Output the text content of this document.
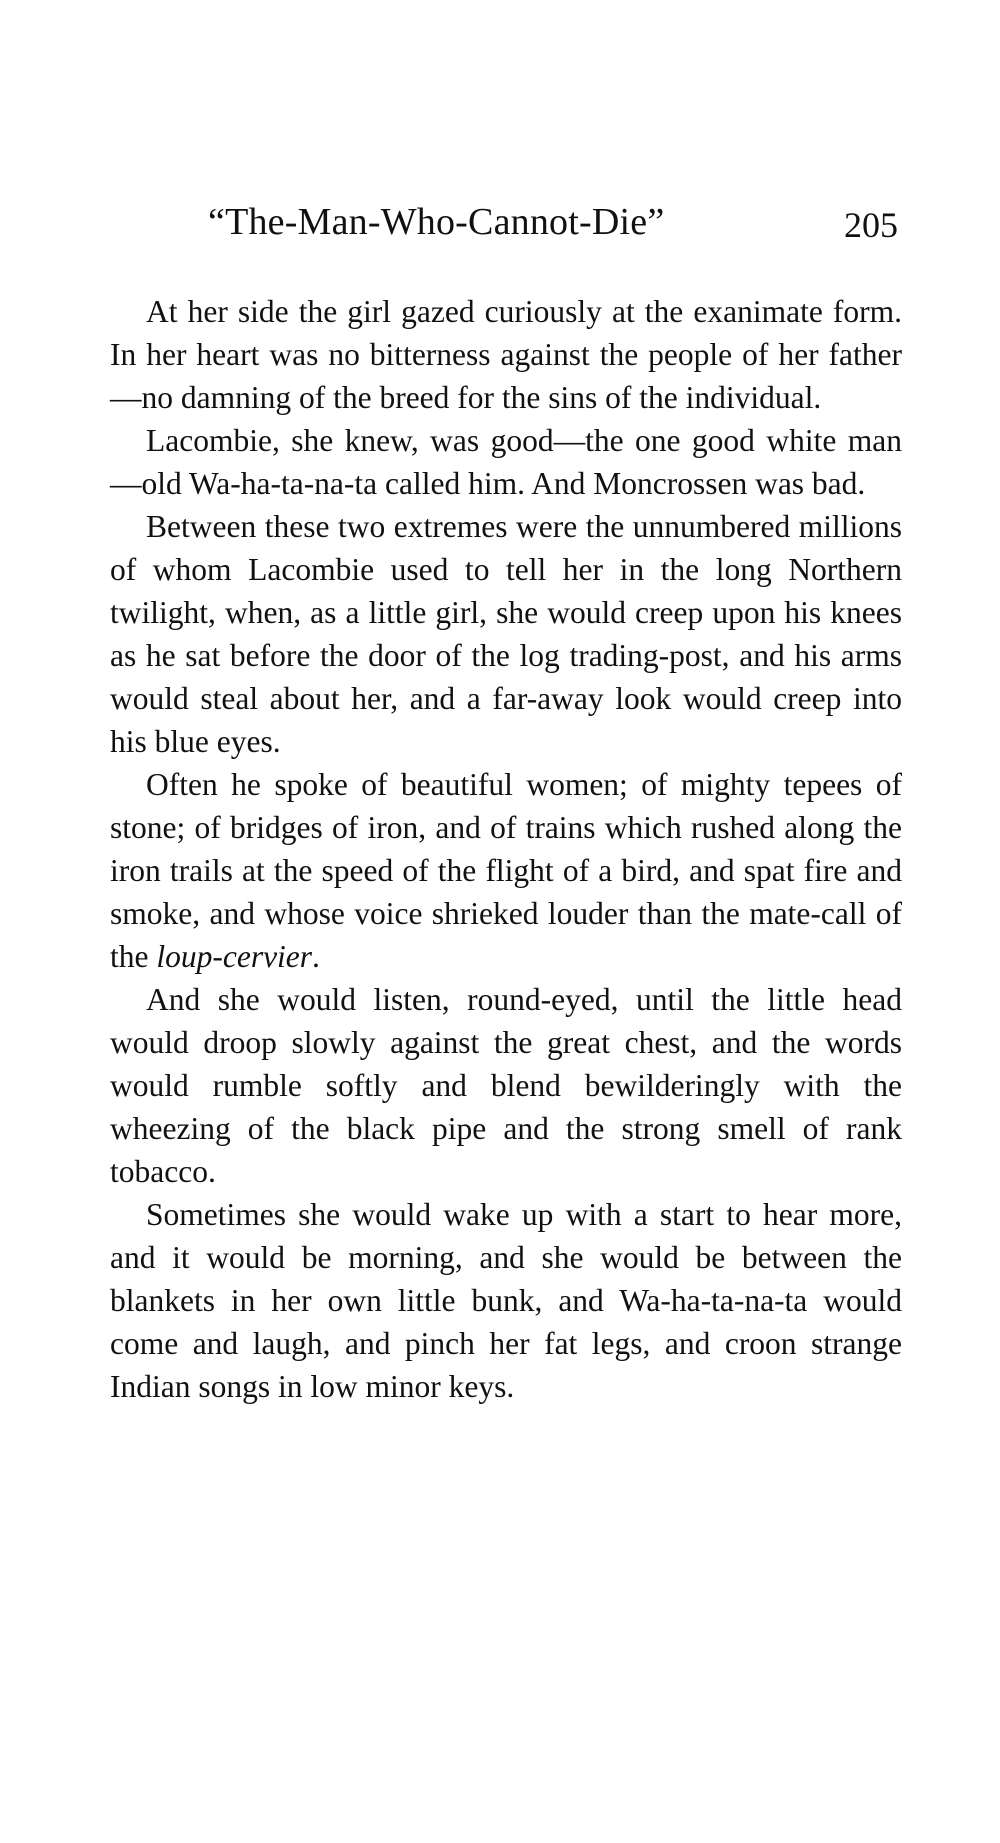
“The-Man-Who-Cannot-Die”	205

At her side the girl gazed curiously at the exanimate form. In her heart was no bitterness against the people of her father—no damning of the breed for the sins of the individual.

Lacombie, she knew, was good—the one good white man—old Wa-ha-ta-na-ta called him. And Moncrossen was bad.

Between these two extremes were the unnumbered millions of whom Lacombie used to tell her in the long Northern twilight, when, as a little girl, she would creep upon his knees as he sat before the door of the log trading-post, and his arms would steal about her, and a far-away look would creep into his blue eyes.

Often he spoke of beautiful women; of mighty tepees of stone; of bridges of iron, and of trains which rushed along the iron trails at the speed of the flight of a bird, and spat fire and smoke, and whose voice shrieked louder than the mate-call of the loup-cervier.

And she would listen, round-eyed, until the little head would droop slowly against the great chest, and the words would rumble softly and blend bewilderingly with the wheezing of the black pipe and the strong smell of rank tobacco.

Sometimes she would wake up with a start to hear more, and it would be morning, and she would be between the blankets in her own little bunk, and Wa-ha-ta-na-ta would come and laugh, and pinch her fat legs, and croon strange Indian songs in low minor keys.
